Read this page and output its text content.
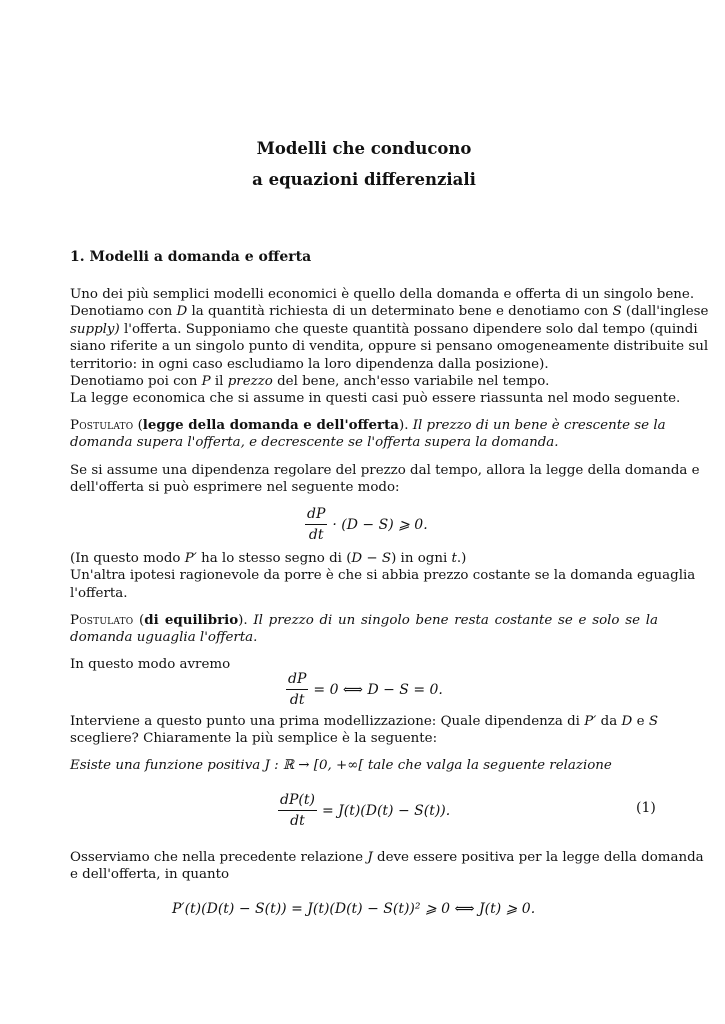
Modelli che conducono
a equazioni differenziali
1. Modelli a domanda e offerta
Uno dei più semplici modelli economici è quello della domanda e offerta di un singolo bene.
Denotiamo con D la quantità richiesta di un determinato bene e denotiamo con S (dall'inglese
supply) l'offerta. Supponiamo che queste quantità possano dipendere solo dal tempo (quindi
siano riferite a un singolo punto di vendita, oppure si pensano omogeneamente distribuite sul
territorio: in ogni caso escludiamo la loro dipendenza dalla posizione).
Denotiamo poi con P il prezzo del bene, anch'esso variabile nel tempo.
La legge economica che si assume in questi casi può essere riassunta nel modo seguente.
Postulato (legge della domanda e dell'offerta). Il prezzo di un bene è crescente se la
domanda supera l'offerta, e decrescente se l'offerta supera la domanda.
Se si assume una dipendenza regolare del prezzo dal tempo, allora la legge della domanda e
dell'offerta si può esprimere nel seguente modo:
$\frac{dP}{dt} \cdot (D - S)$ ⩾ 0.
(In questo modo P′ ha lo stesso segno di (D − S) in ogni t.)
Un'altra ipotesi ragionevole da porre è che si abbia prezzo costante se la domanda eguaglia
l'offerta.
Postulato (di equilibrio). Il prezzo di un singolo bene resta costante se e solo se la
domanda uguaglia l'offerta.
In questo modo avremo
$\frac{dP}{dt} = 0$ ⟺ D − S = 0.
Interviene a questo punto una prima modellizzazione: Quale dipendenza di P′ da D e S
scegliere? Chiaramente la più semplice è la seguente:
Esiste una funzione positiva J : ℝ → [0, +∞[ tale che valga la seguente relazione
$\frac{dP(t)}{dt} = J(t)(D(t) - S(t))$.	(1)
Osserviamo che nella precedente relazione J deve essere positiva per la legge della domanda
e dell'offerta, in quanto
P′(t)(D(t) − S(t)) = J(t)(D(t) − S(t))² ⩾ 0 ⟺ J(t) ⩾ 0.
